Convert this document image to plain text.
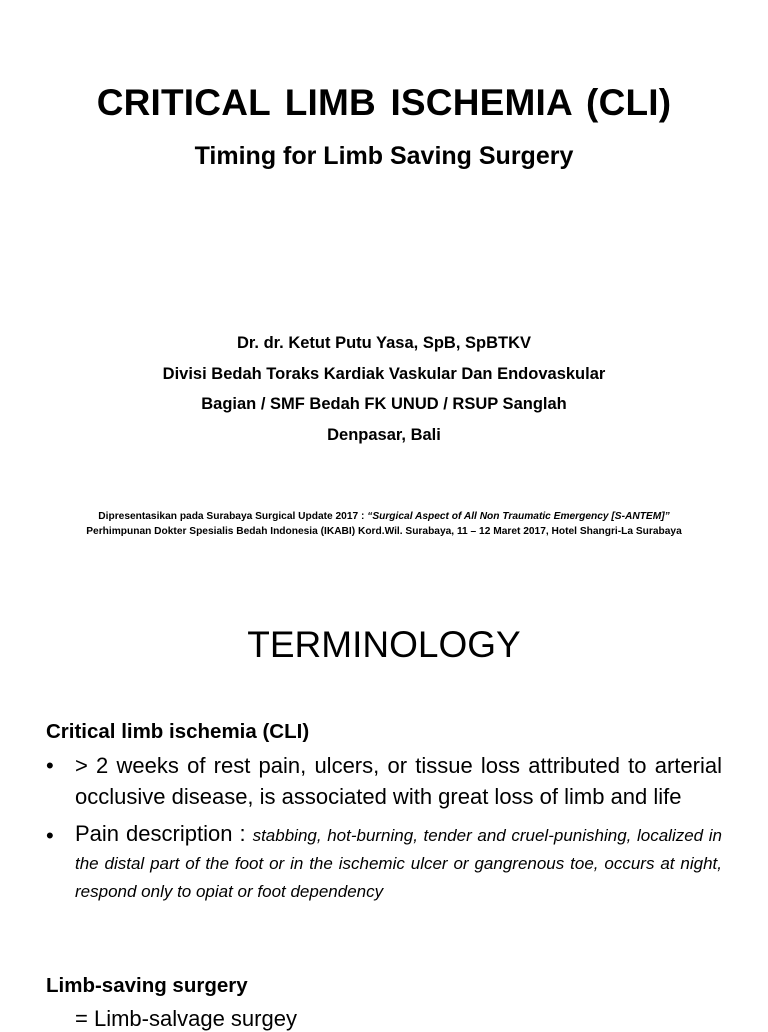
CRITICAL LIMB ISCHEMIA (CLI)
Timing for Limb Saving Surgery
Dr. dr. Ketut Putu Yasa, SpB, SpBTKV
Divisi Bedah Toraks Kardiak Vaskular Dan Endovaskular
Bagian / SMF Bedah FK UNUD / RSUP Sanglah
Denpasar, Bali
Dipresentasikan pada Surabaya Surgical Update 2017 : “Surgical Aspect of All Non Traumatic Emergency [S-ANTEM]”
Perhimpunan Dokter Spesialis Bedah Indonesia (IKABI) Kord.Wil. Surabaya, 11 – 12 Maret 2017, Hotel Shangri-La Surabaya
TERMINOLOGY
Critical limb ischemia (CLI)
• > 2 weeks of rest pain, ulcers, or tissue loss attributed to arterial occlusive disease, is associated with great loss of limb and life
• Pain description : stabbing, hot-burning, tender and cruel-punishing, localized in the distal part of the foot or in the ischemic ulcer or gangrenous toe, occurs at night, respond only to opiat or foot dependency
Limb-saving surgery
= Limb-salvage surgey
